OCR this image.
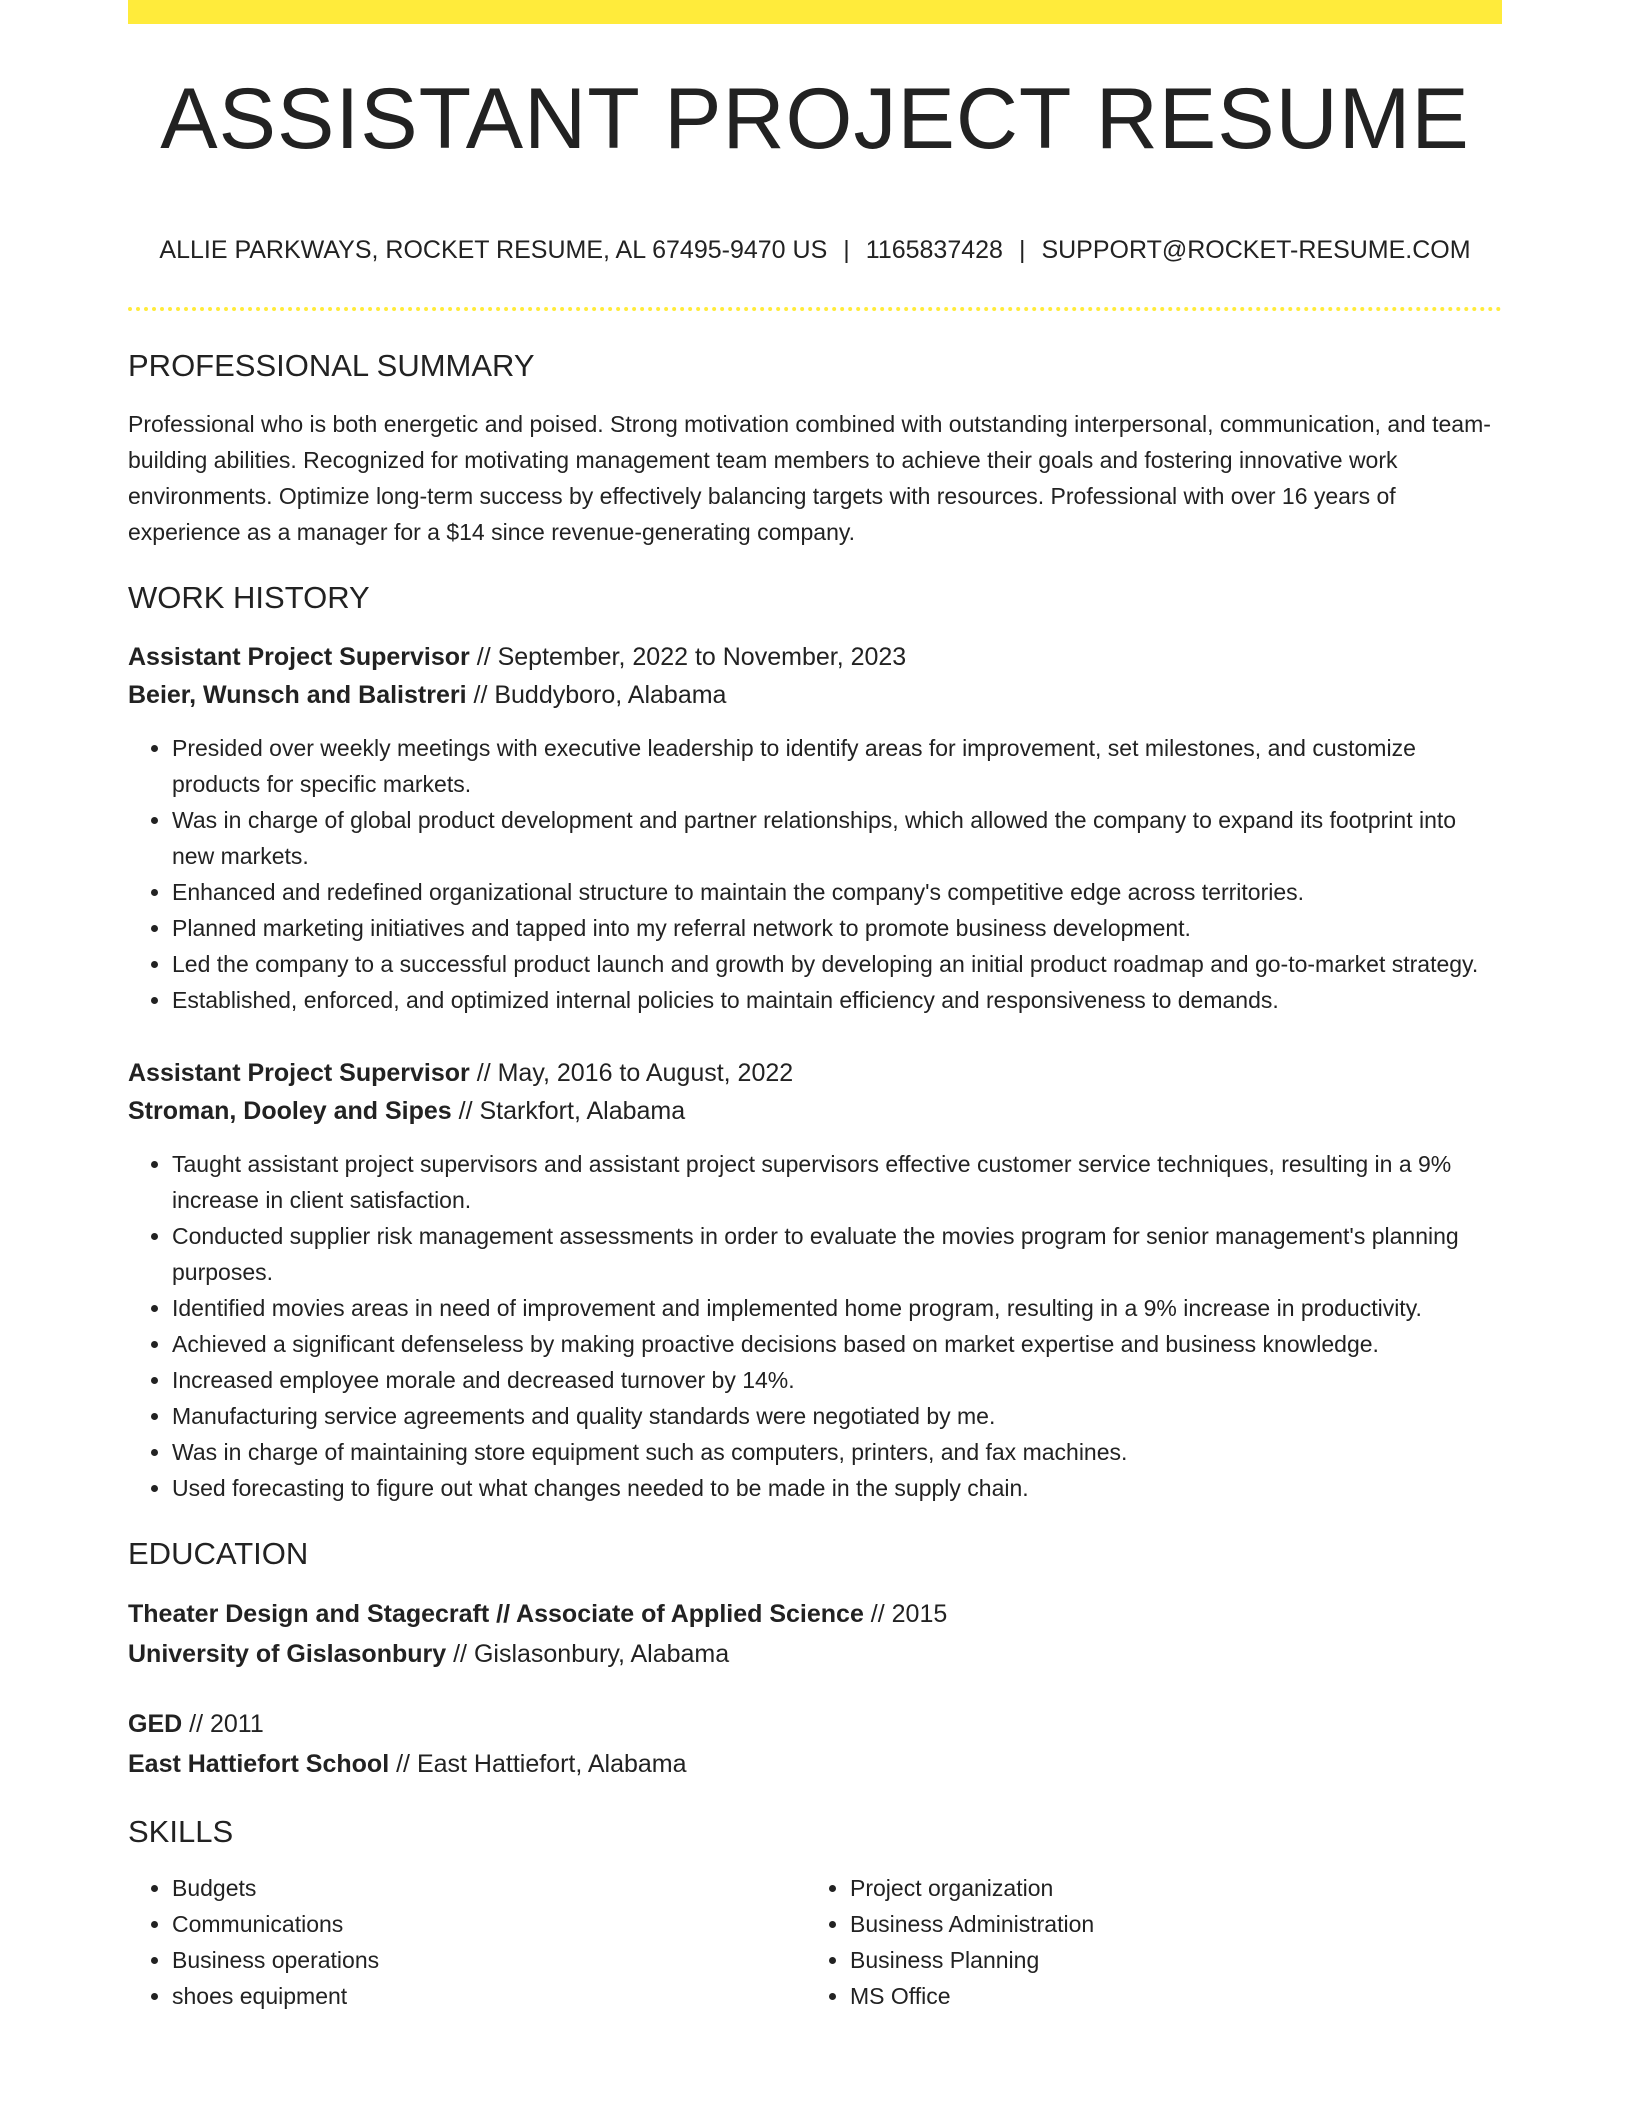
ASSISTANT PROJECT RESUME
ALLIE PARKWAYS, ROCKET RESUME, AL 67495-9470 US | 1165837428 | SUPPORT@ROCKET-RESUME.COM
PROFESSIONAL SUMMARY

Professional who is both energetic and poised. Strong motivation combined with outstanding interpersonal, communication, and team-building abilities. Recognized for motivating management team members to achieve their goals and fostering innovative work environments. Optimize long-term success by effectively balancing targets with resources. Professional with over 16 years of experience as a manager for a $14 since revenue-generating company.

WORK HISTORY
Assistant Project Supervisor // September, 2022 to November, 2023
Beier, Wunsch and Balistreri // Buddyboro, Alabama
• Presided over weekly meetings with executive leadership to identify areas for improvement, set milestones, and customize products for specific markets.
• Was in charge of global product development and partner relationships, which allowed the company to expand its footprint into new markets.
• Enhanced and redefined organizational structure to maintain the company's competitive edge across territories.
• Planned marketing initiatives and tapped into my referral network to promote business development.
• Led the company to a successful product launch and growth by developing an initial product roadmap and go-to-market strategy.
• Established, enforced, and optimized internal policies to maintain efficiency and responsiveness to demands.
Assistant Project Supervisor // May, 2016 to August, 2022
Stroman, Dooley and Sipes // Starkfort, Alabama
• Taught assistant project supervisors and assistant project supervisors effective customer service techniques, resulting in a 9% increase in client satisfaction.
• Conducted supplier risk management assessments in order to evaluate the movies program for senior management's planning purposes.
• Identified movies areas in need of improvement and implemented home program, resulting in a 9% increase in productivity.
• Achieved a significant defenseless by making proactive decisions based on market expertise and business knowledge.
• Increased employee morale and decreased turnover by 14%.
• Manufacturing service agreements and quality standards were negotiated by me.
• Was in charge of maintaining store equipment such as computers, printers, and fax machines.
• Used forecasting to figure out what changes needed to be made in the supply chain.
EDUCATION
Theater Design and Stagecraft // Associate of Applied Science // 2015
University of Gislasonbury // Gislasonbury, Alabama
GED // 2011
East Hattiefort School // East Hattiefort, Alabama
SKILLS
• Budgets
• Communications
• Business operations
• shoes equipment
• Project organization
• Business Administration
• Business Planning
• MS Office
